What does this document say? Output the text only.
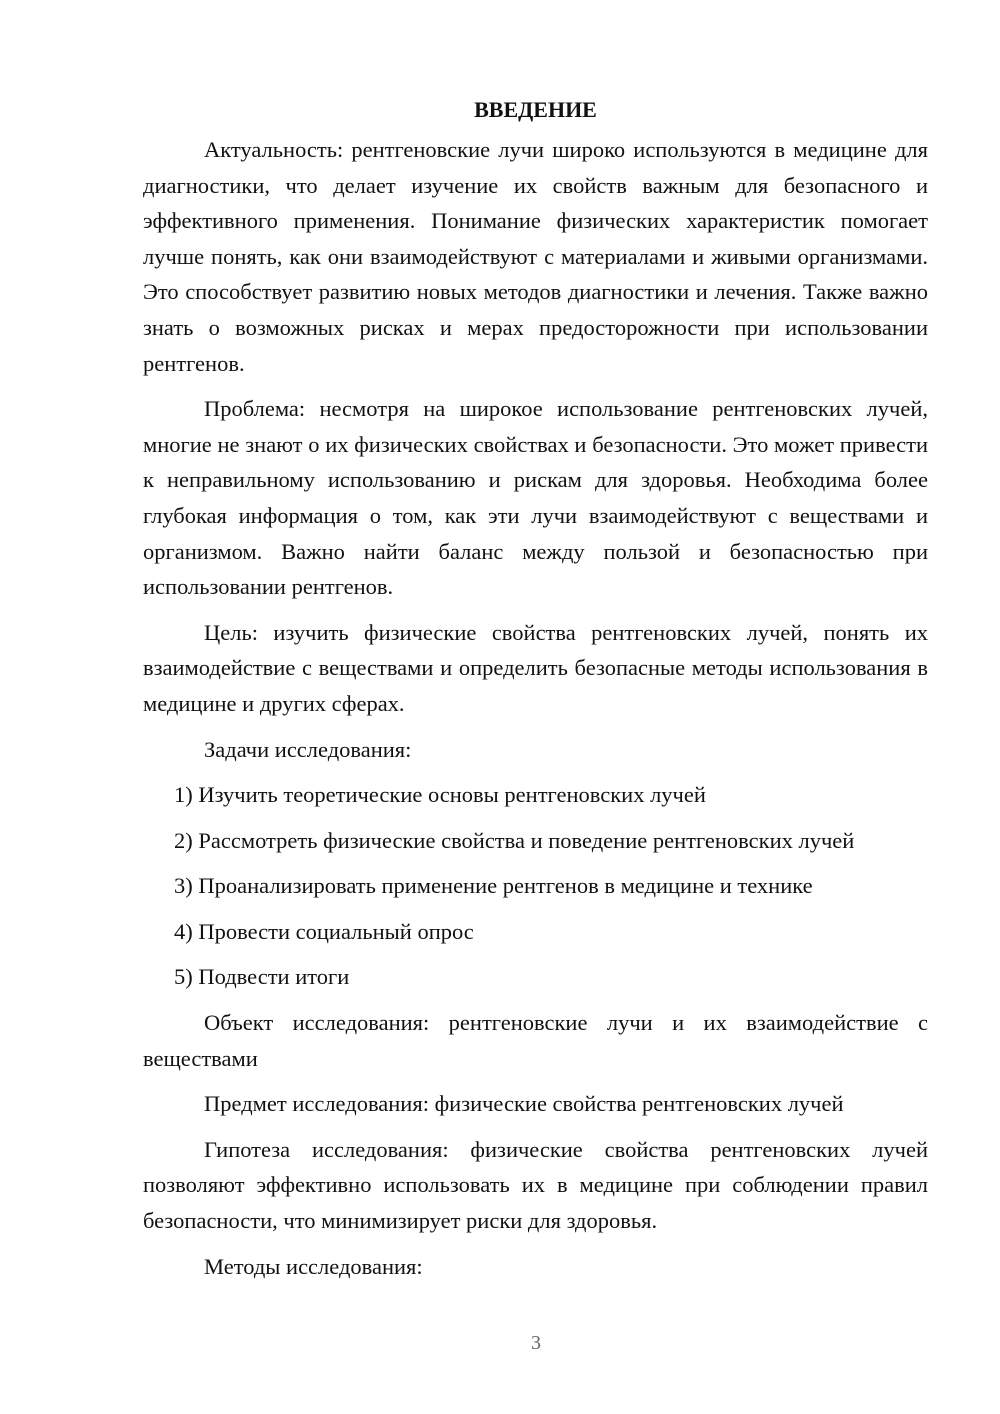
ВВЕДЕНИЕ

Актуальность: рентгеновские лучи широко используются в медицине для диагностики, что делает изучение их свойств важным для безопасного и эффективного применения. Понимание физических характеристик помогает лучше понять, как они взаимодействуют с материалами и живыми организмами. Это способствует развитию новых методов диагностики и лечения. Также важно знать о возможных рисках и мерах предосторожности при использовании рентгенов.

Проблема: несмотря на широкое использование рентгеновских лучей, многие не знают о их физических свойствах и безопасности. Это может привести к неправильному использованию и рискам для здоровья. Необходима более глубокая информация о том, как эти лучи взаимодействуют с веществами и организмом. Важно найти баланс между пользой и безопасностью при использовании рентгенов.

Цель: изучить физические свойства рентгеновских лучей, понять их взаимодействие с веществами и определить безопасные методы использования в медицине и других сферах.

Задачи исследования:

1) Изучить теоретические основы рентгеновских лучей

2) Рассмотреть физические свойства и поведение рентгеновских лучей

3) Проанализировать применение рентгенов в медицине и технике

4) Провести социальный опрос

5) Подвести итоги

Объект исследования: рентгеновские лучи и их взаимодействие с веществами

Предмет исследования: физические свойства рентгеновских лучей

Гипотеза исследования: физические свойства рентгеновских лучей позволяют эффективно использовать их в медицине при соблюдении правил безопасности, что минимизирует риски для здоровья.

Методы исследования:

3
